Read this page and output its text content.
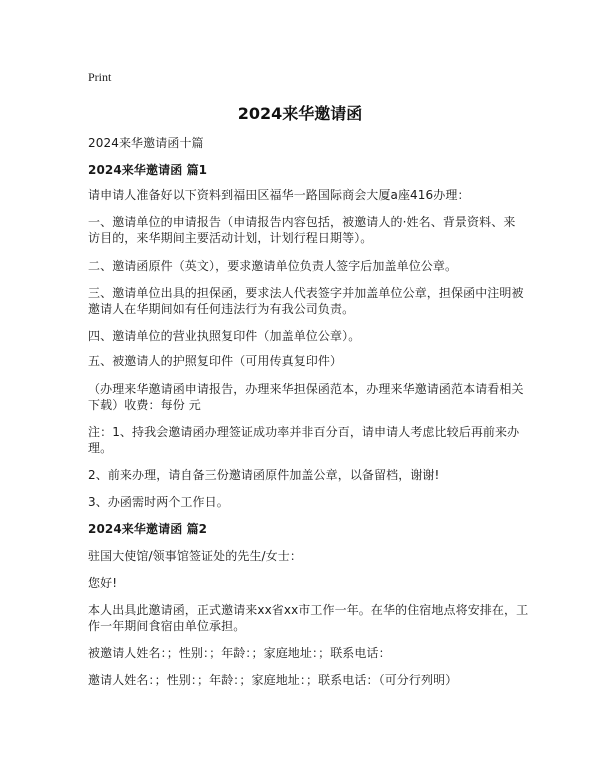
Print
2024来华邀请函
2024来华邀请函十篇
2024来华邀请函 篇1
请申请人准备好以下资料到福田区福华一路国际商会大厦a座416办理：
一、邀请单位的申请报告（申请报告内容包括，被邀请人的·姓名、背景资料、来
访目的，来华期间主要活动计划，计划行程日期等）。
二、邀请函原件（英文），要求邀请单位负责人签字后加盖单位公章。
三、邀请单位出具的担保函，要求法人代表签字并加盖单位公章，担保函中注明被
邀请人在华期间如有任何违法行为有我公司负责。
四、邀请单位的营业执照复印件（加盖单位公章）。
五、被邀请人的护照复印件（可用传真复印件）
（办理来华邀请函申请报告，办理来华担保函范本，办理来华邀请函范本请看相关
下载）收费：每份 元
注：1、持我会邀请函办理签证成功率并非百分百，请申请人考虑比较后再前来办
理。
2、前来办理，请自备三份邀请函原件加盖公章，以备留档，谢谢!
3、办函需时两个工作日。
2024来华邀请函 篇2
驻国大使馆/领事馆签证处的先生/女士：
您好!
本人出具此邀请函，正式邀请来xx省xx市工作一年。在华的住宿地点将安排在，工
作一年期间食宿由单位承担。
被邀请人姓名：；性别：；年龄：；家庭地址：；联系电话：
邀请人姓名：；性别：；年龄：；家庭地址：；联系电话：（可分行列明）
